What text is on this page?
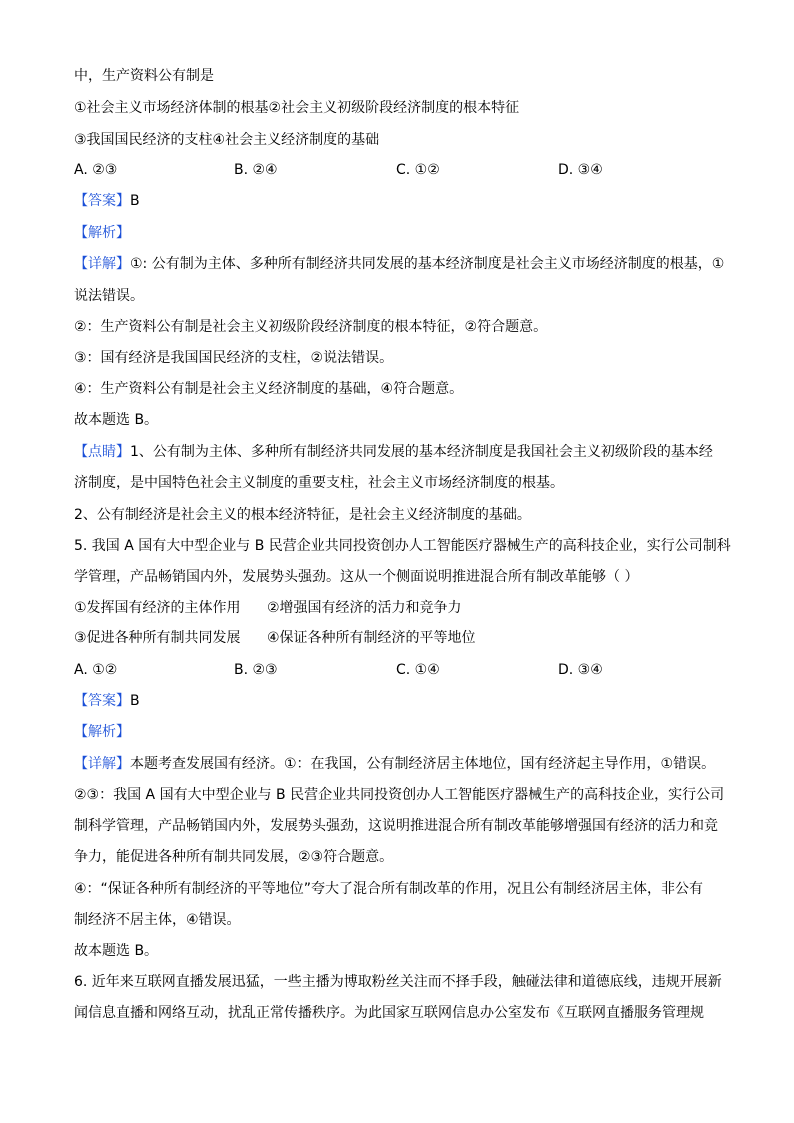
中，生产资料公有制是
①社会主义市场经济体制的根基②社会主义初级阶段经济制度的根本特征
③我国国民经济的支柱④社会主义经济制度的基础
A. ②③	B. ②④	C. ①②	D. ③④
【答案】B
【解析】
【详解】①: 公有制为主体、多种所有制经济共同发展的基本经济制度是社会主义市场经济制度的根基，①
说法错误。
②：生产资料公有制是社会主义初级阶段经济制度的根本特征，②符合题意。
③：国有经济是我国国民经济的支柱，②说法错误。
④：生产资料公有制是社会主义经济制度的基础，④符合题意。
故本题选 B。
【点睛】1、公有制为主体、多种所有制经济共同发展的基本经济制度是我国社会主义初级阶段的基本经
济制度，是中国特色社会主义制度的重要支柱，社会主义市场经济制度的根基。
2、公有制经济是社会主义的根本经济特征，是社会主义经济制度的基础。
5. 我国 A 国有大中型企业与 B 民营企业共同投资创办人工智能医疗器械生产的高科技企业，实行公司制科
学管理，产品畅销国内外，发展势头强劲。这从一个侧面说明推进混合所有制改革能够（ ）
①发挥国有经济的主体作用 ②增强国有经济的活力和竞争力
③促进各种所有制共同发展 ④保证各种所有制经济的平等地位
A. ①②	B. ②③	C. ①④	D. ③④
【答案】B
【解析】
【详解】本题考查发展国有经济。①：在我国，公有制经济居主体地位，国有经济起主导作用，①错误。
②③：我国 A 国有大中型企业与 B 民营企业共同投资创办人工智能医疗器械生产的高科技企业，实行公司
制科学管理，产品畅销国内外，发展势头强劲，这说明推进混合所有制改革能够增强国有经济的活力和竞
争力，能促进各种所有制共同发展，②③符合题意。
④：“保证各种所有制经济的平等地位”夸大了混合所有制改革的作用，况且公有制经济居主体，非公有
制经济不居主体，④错误。
故本题选 B。
6. 近年来互联网直播发展迅猛，一些主播为博取粉丝关注而不择手段，触碰法律和道德底线，违规开展新
闻信息直播和网络互动，扰乱正常传播秩序。为此国家互联网信息办公室发布《互联网直播服务管理规
